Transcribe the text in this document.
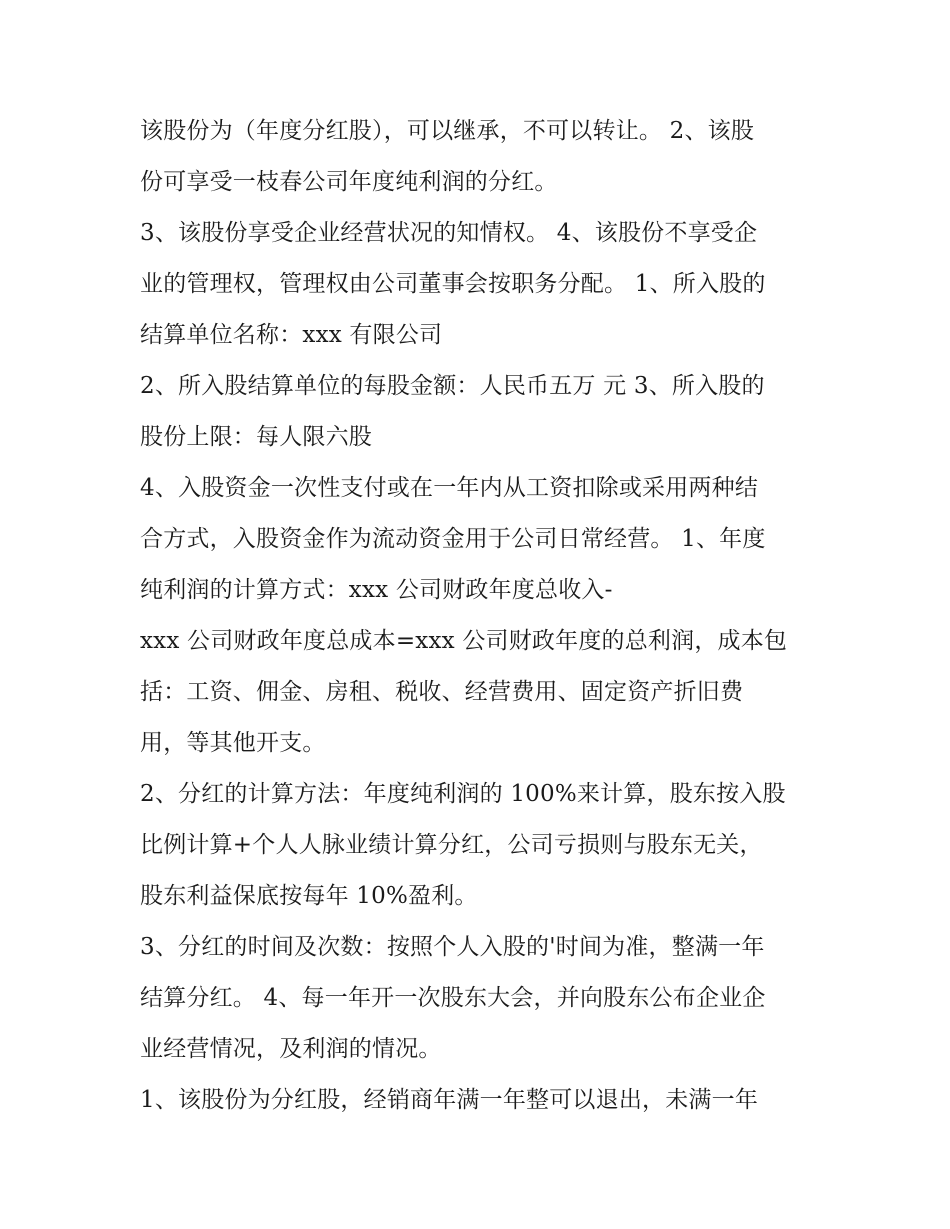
该股份为（年度分红股），可以继承，不可以转让。 2、该股
份可享受一枝春公司年度纯利润的分红。
3、该股份享受企业经营状况的知情权。 4、该股份不享受企
业的管理权，管理权由公司董事会按职务分配。 1、所入股的
结算单位名称：xxx 有限公司
2、所入股结算单位的每股金额：人民币五万 元 3、所入股的
股份上限：每人限六股
4、入股资金一次性支付或在一年内从工资扣除或采用两种结
合方式，入股资金作为流动资金用于公司日常经营。 1、年度
纯利润的计算方式：xxx 公司财政年度总收入-
xxx 公司财政年度总成本=xxx 公司财政年度的总利润，成本包
括：工资、佣金、房租、税收、经营费用、固定资产折旧费
用，等其他开支。
2、分红的计算方法：年度纯利润的 100%来计算，股东按入股
比例计算+个人人脉业绩计算分红，公司亏损则与股东无关，
股东利益保底按每年 10%盈利。
3、分红的时间及次数：按照个人入股的'时间为准，整满一年
结算分红。 4、每一年开一次股东大会，并向股东公布企业企
业经营情况，及利润的情况。
1、该股份为分红股，经销商年满一年整可以退出，未满一年
